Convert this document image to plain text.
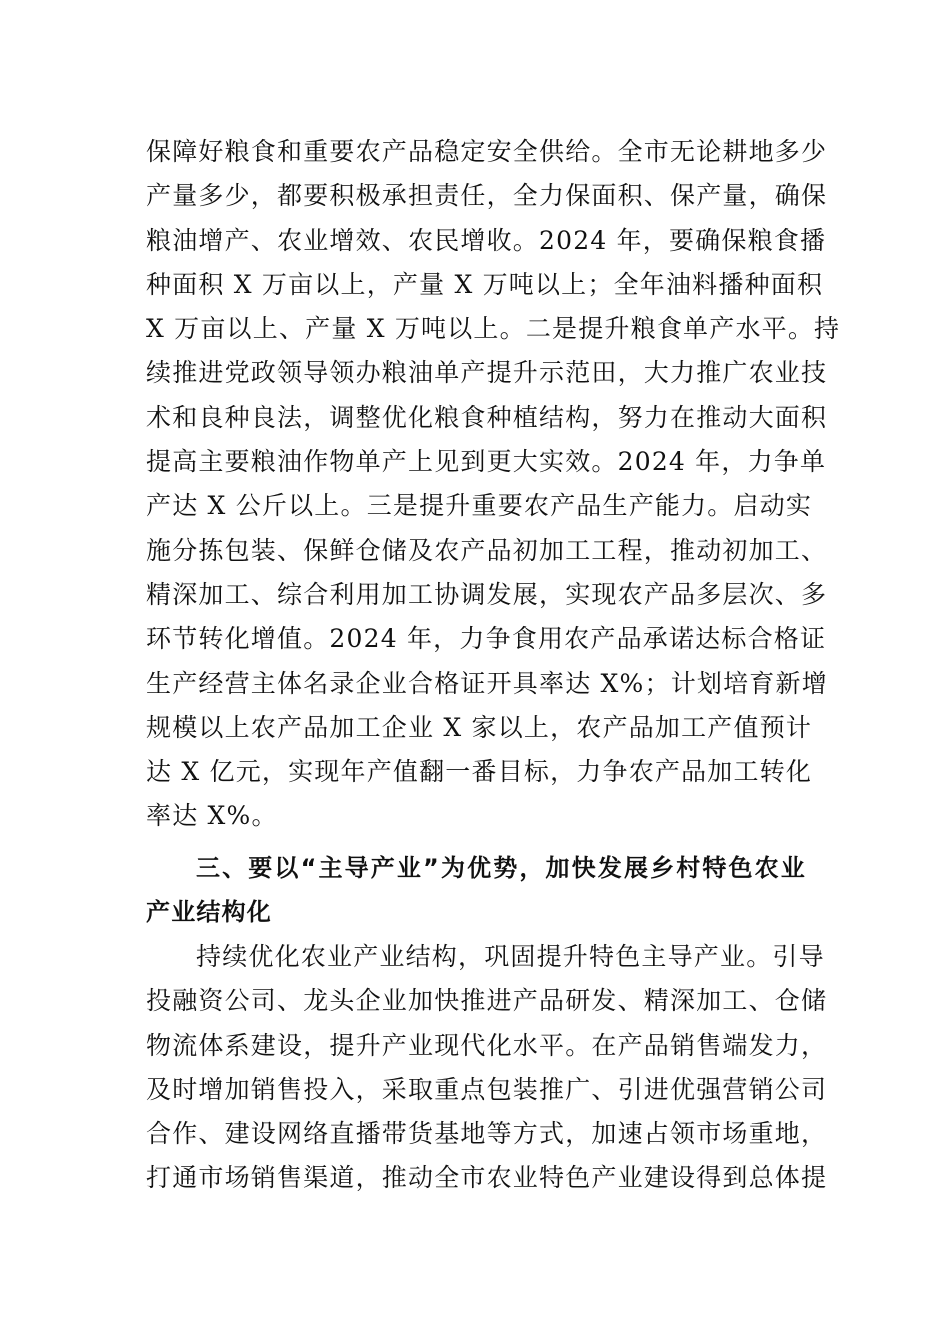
保障好粮食和重要农产品稳定安全供给。全市无论耕地多少
产量多少，都要积极承担责任，全力保面积、保产量，确保
粮油增产、农业增效、农民增收。2024 年，要确保粮食播
种面积 X 万亩以上，产量 X 万吨以上；全年油料播种面积
X 万亩以上、产量 X 万吨以上。二是提升粮食单产水平。持
续推进党政领导领办粮油单产提升示范田，大力推广农业技
术和良种良法，调整优化粮食种植结构，努力在推动大面积
提高主要粮油作物单产上见到更大实效。2024 年，力争单
产达 X 公斤以上。三是提升重要农产品生产能力。启动实
施分拣包装、保鲜仓储及农产品初加工工程，推动初加工、
精深加工、综合利用加工协调发展，实现农产品多层次、多
环节转化增值。2024 年，力争食用农产品承诺达标合格证
生产经营主体名录企业合格证开具率达 X%；计划培育新增
规模以上农产品加工企业 X 家以上，农产品加工产值预计
达 X 亿元，实现年产值翻一番目标，力争农产品加工转化
率达 X%。
三、要以“主导产业”为优势，加快发展乡村特色农业
产业结构化
持续优化农业产业结构，巩固提升特色主导产业。引导
投融资公司、龙头企业加快推进产品研发、精深加工、仓储
物流体系建设，提升产业现代化水平。在产品销售端发力，
及时增加销售投入，采取重点包装推广、引进优强营销公司
合作、建设网络直播带货基地等方式，加速占领市场重地，
打通市场销售渠道，推动全市农业特色产业建设得到总体提
